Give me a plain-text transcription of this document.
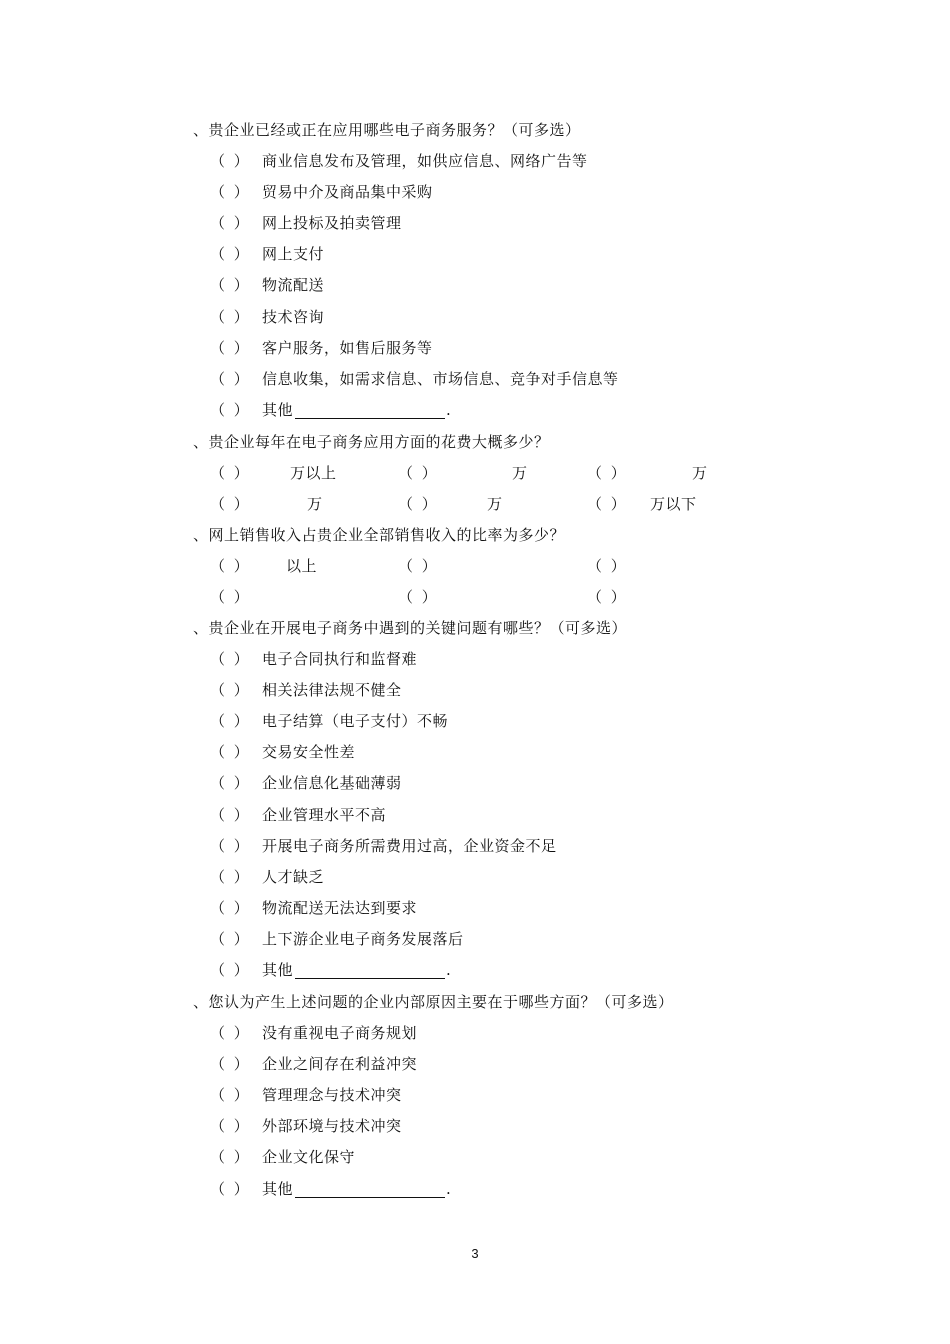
、贵企业已经或正在应用哪些电子商务服务？（可多选）
（ ） 商业信息发布及管理，如供应信息、网络广告等
（ ） 贸易中介及商品集中采购
（ ） 网上投标及拍卖管理
（ ） 网上支付
（ ） 物流配送
（ ） 技术咨询
（ ） 客户服务，如售后服务等
（ ） 信息收集，如需求信息、市场信息、竞争对手信息等
（ ） 其他	.
、贵企业每年在电子商务应用方面的花费大概多少？
（ ）	万以上	（ ）	万	（ ）	万
（ ）	万	（ ）	万	（ ） 万以下
、网上销售收入占贵企业全部销售收入的比率为多少？
（ ） 以上	（ ）	（ ）
（ ）	（ ）	（ ）
、贵企业在开展电子商务中遇到的关键问题有哪些？（可多选）
（ ） 电子合同执行和监督难
（ ） 相关法律法规不健全
（ ） 电子结算（电子支付）不畅
（ ） 交易安全性差
（ ） 企业信息化基础薄弱
（ ） 企业管理水平不高
（ ） 开展电子商务所需费用过高，企业资金不足
（ ） 人才缺乏
（ ） 物流配送无法达到要求
（ ） 上下游企业电子商务发展落后
（ ） 其他	.
、您认为产生上述问题的企业内部原因主要在于哪些方面？（可多选）
（ ） 没有重视电子商务规划
（ ） 企业之间存在利益冲突
（ ） 管理理念与技术冲突
（ ） 外部环境与技术冲突
（ ） 企业文化保守
（ ） 其他	.
3
